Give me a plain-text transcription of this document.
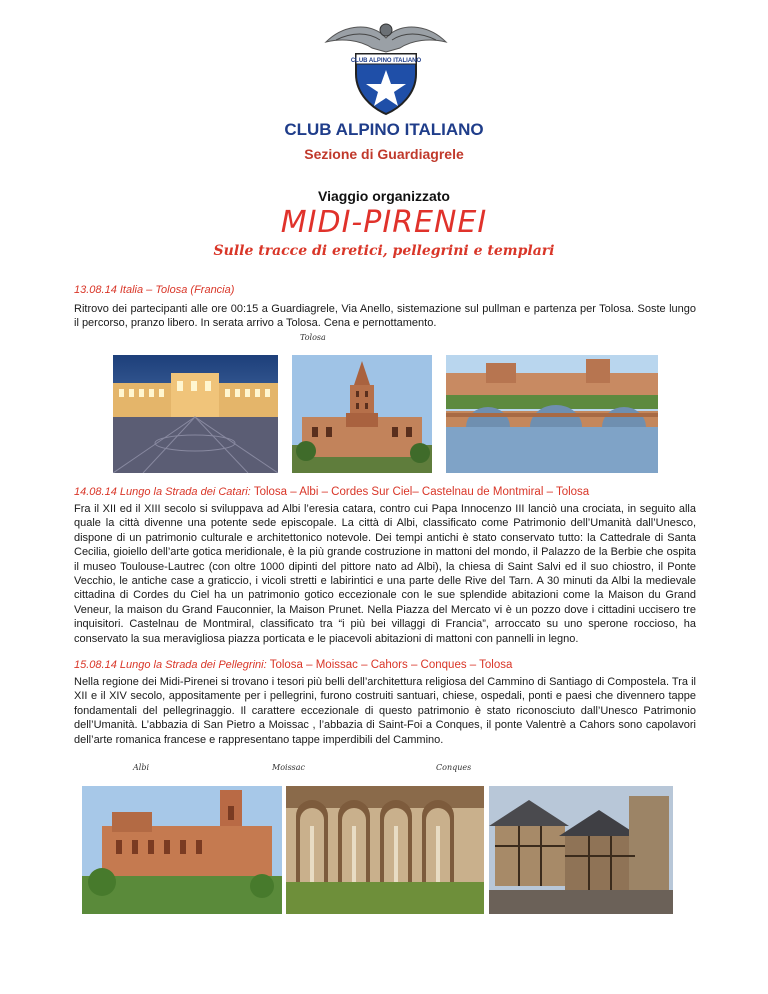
CLUB ALPINO ITALIANO
CLUB ALPINO ITALIANO
Sezione di Guardiagrele
Viaggio organizzato
MIDI-PIRENEI
Sulle tracce di eretici, pellegrini e templari
13.08.14 Italia – Tolosa (Francia)
Ritrovo dei partecipanti alle ore 00:15 a Guardiagrele, Via Anello, sistemazione sul pullman e partenza per Tolosa. Soste lungo il percorso, pranzo libero. In serata arrivo a Tolosa. Cena e pernottamento.
Tolosa
14.08.14 Lungo la Strada dei Catari: Tolosa – Albi – Cordes Sur Ciel– Castelnau de Montmiral – Tolosa
Fra il XII ed il XIII secolo si sviluppava ad Albi l’eresia catara, contro cui Papa Innocenzo III lanciò una crociata, in seguito alla quale la città divenne una potente sede episcopale. La città di Albi, classificato come Patrimonio dell’Umanità dall’Unesco, dispone di un patrimonio culturale e architettonico notevole. Dei tempi antichi è stato conservato tutto: la Cattedrale di Santa Cecilia, gioiello dell’arte gotica meridionale, è la più grande costruzione in mattoni del mondo, il Palazzo de la Berbie che ospita il museo Toulouse-Lautrec (con oltre 1000 dipinti del pittore nato ad Albi), la chiesa di Saint Salvi ed il suo chiostro, il Ponte Vecchio, le antiche case a graticcio, i vicoli stretti e labirintici e una parte delle Rive del Tarn. A 30 minuti da Albi la medievale cittadina di Cordes du Ciel ha un patrimonio gotico eccezionale con le sue splendide abitazioni come la Maison du Grand Veneur, la maison du Grand Fauconnier, la Maison Prunet. Nella Piazza del Mercato vi è un pozzo dove i cittadini uccisero tre inquisitori. Castelnau de Montmiral, classificato tra “i più bei villaggi di Francia”, arroccato su uno sperone roccioso, ha conservato la sua meravigliosa piazza porticata e le piacevoli abitazioni di mattoni con pannelli in legno.
15.08.14 Lungo la Strada dei Pellegrini: Tolosa – Moissac – Cahors – Conques – Tolosa
Nella regione dei Midi-Pirenei si trovano i tesori più belli dell’architettura religiosa del Cammino di Santiago di Compostela. Tra il XII e il XIV secolo, appositamente per i pellegrini, furono costruiti santuari, chiese, ospedali, ponti e paesi che divennero tappe fondamentali del pellegrinaggio. Il carattere eccezionale di questo patrimonio è stato riconosciuto dall’Unesco Patrimonio dell’Umanità. L’abbazia di San Pietro a Moissac , l’abbazia di Saint-Foi a Conques, il ponte Valentrè a Cahors sono capolavori dell’arte romanica francese e rappresentano tappe imperdibili del Cammino.
Albi	Moissac	Conques
